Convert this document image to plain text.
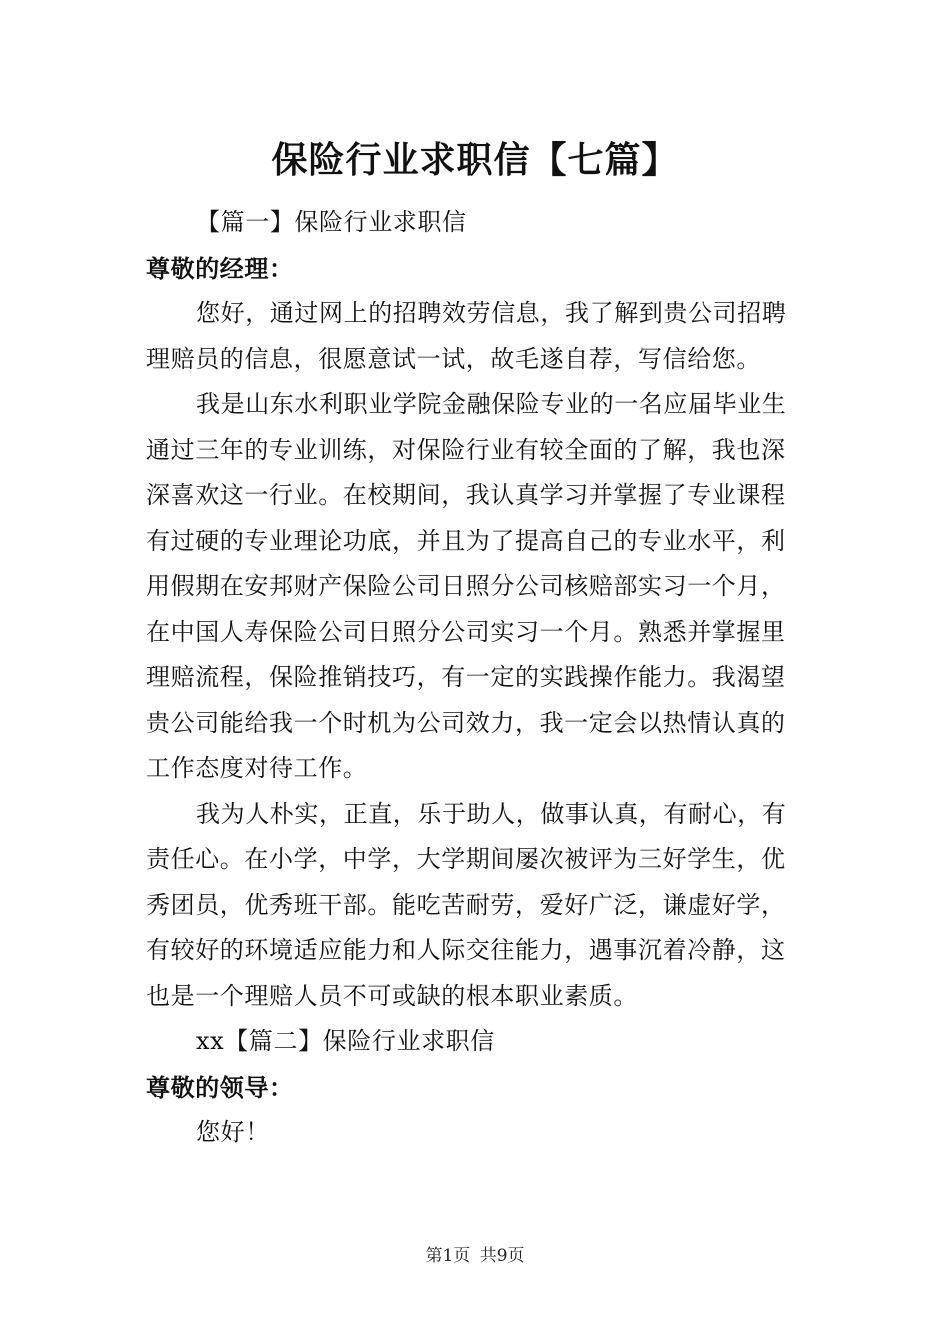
保险行业求职信【七篇】
【篇一】保险行业求职信
尊敬的经理：
您好，通过网上的招聘效劳信息，我了解到贵公司招聘
理赔员的信息，很愿意试一试，故毛遂自荐，写信给您。
我是山东水利职业学院金融保险专业的一名应届毕业生
通过三年的专业训练，对保险行业有较全面的了解，我也深
深喜欢这一行业。在校期间，我认真学习并掌握了专业课程
有过硬的专业理论功底，并且为了提高自己的专业水平，利
用假期在安邦财产保险公司日照分公司核赔部实习一个月，
在中国人寿保险公司日照分公司实习一个月。熟悉并掌握里
理赔流程，保险推销技巧，有一定的实践操作能力。我渴望
贵公司能给我一个时机为公司效力，我一定会以热情认真的
工作态度对待工作。
我为人朴实，正直，乐于助人，做事认真，有耐心，有
责任心。在小学，中学，大学期间屡次被评为三好学生，优
秀团员，优秀班干部。能吃苦耐劳，爱好广泛，谦虚好学，
有较好的环境适应能力和人际交往能力，遇事沉着冷静，这
也是一个理赔人员不可或缺的根本职业素质。
xx【篇二】保险行业求职信
尊敬的领导：
您好！
第1页 共9页
